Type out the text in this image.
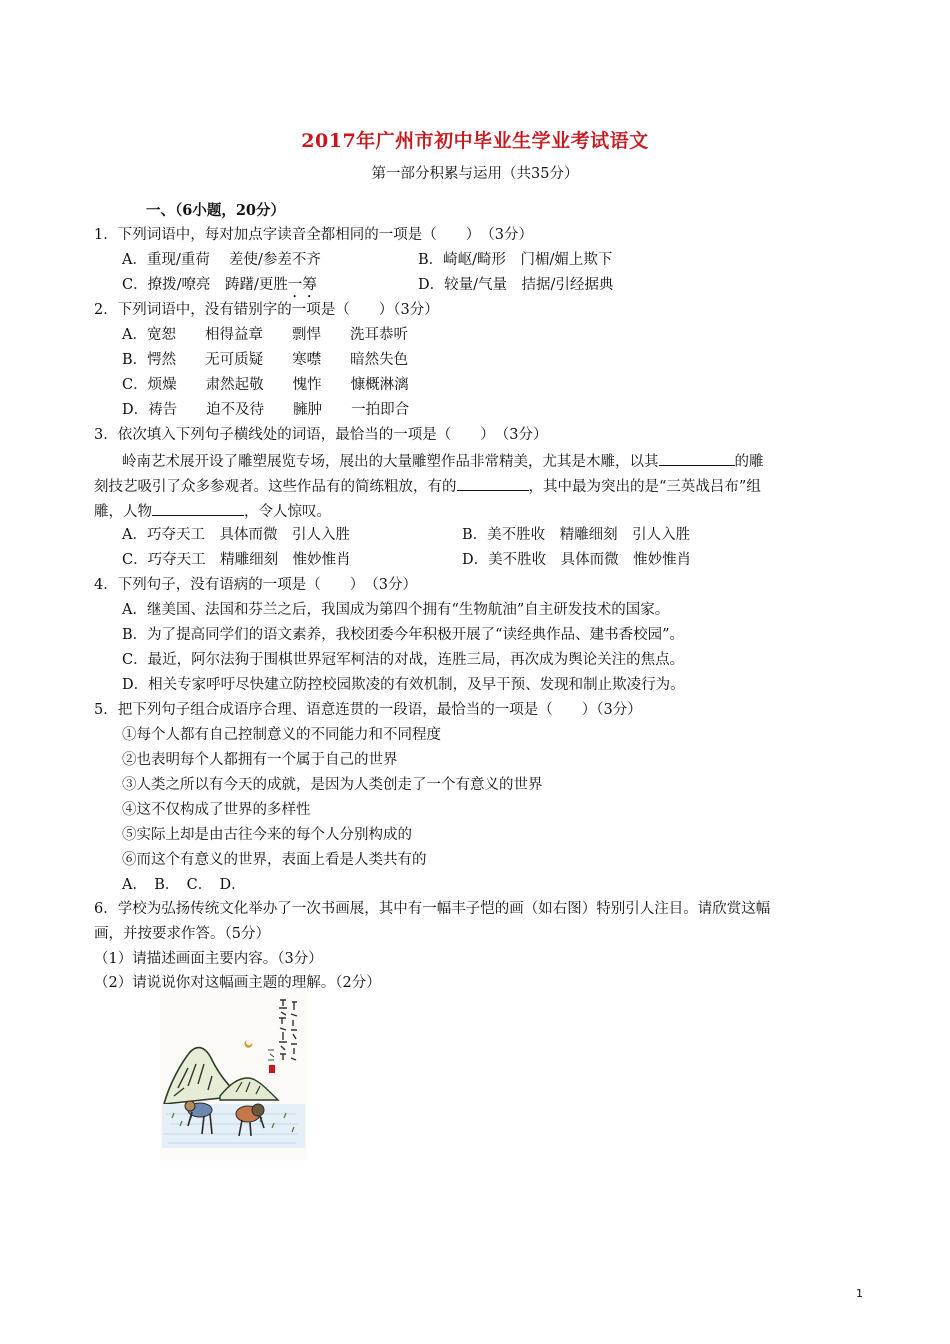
2017年广州市初中毕业生学业考试语文
第一部分积累与运用（共35分）
一、（6小题，20分）
1．下列词语中，每对加点字读音全都相同的一项是（　　）　（3分）
A．重现/重荷　 差使/参差不齐	B．崎岖/畸形　门楣/媚上欺下
C．撩拨/嘹亮　踌躇/更胜一筹	D．较量/气量　拮据/引经据典
2．下列词语中，没有错别字的一项是（　　）（3分）
A．宽恕　　相得益章　　剽悍　　洗耳恭听
B．愕然　　无可质疑　　寒噤　　暗然失色
C．烦燥　　肃然起敬　　愧怍　　慷概淋漓
D．祷告　　迫不及待　　臃肿　　一拍即合
3．依次填入下列句子横线处的词语，最恰当的一项是（　　）　（3分）
岭南艺术展开设了雕塑展览专场，展出的大量雕塑作品非常精美，尤其是木雕，以其	的雕
刻技艺吸引了众多参观者。这些作品有的简练粗放，有的	，其中最为突出的是“三英战吕布”组
雕，人物	，令人惊叹。
A．巧夺天工　具体而微　引人入胜	B．美不胜收　精雕细刻　引人入胜
C．巧夺天工　精雕细刻　惟妙惟肖	D．美不胜收　具体而微　惟妙惟肖
4．下列句子，没有语病的一项是（　　）　（3分）
A．继美国、法国和芬兰之后，我国成为第四个拥有“生物航油”自主研发技术的国家。
B．为了提高同学们的语文素养，我校团委今年积极开展了“读经典作品、建书香校园”。
C．最近，阿尔法狗于围棋世界冠军柯洁的对战，连胜三局，再次成为舆论关注的焦点。
D．相关专家呼吁尽快建立防控校园欺凌的有效机制，及早干预、发现和制止欺凌行为。
5．把下列句子组合成语序合理、语意连贯的一段语，最恰当的一项是（　　）（3分）
①每个人都有自己控制意义的不同能力和不同程度
②也表明每个人都拥有一个属于自己的世界
③人类之所以有今天的成就，是因为人类创走了一个有意义的世界
④这不仅构成了世界的多样性
⑤实际上却是由古往今来的每个人分别构成的
⑥而这个有意义的世界，表面上看是人类共有的
A．　B．　C．　D．
6．学校为弘扬传统文化举办了一次书画展，其中有一幅丰子恺的画（如右图）特别引人注目。请欣赏这幅
画，并按要求作答。（5分）
（1）请描述画面主要内容。（3分）
（2）请说说你对这幅画主题的理解。（2分）
1
